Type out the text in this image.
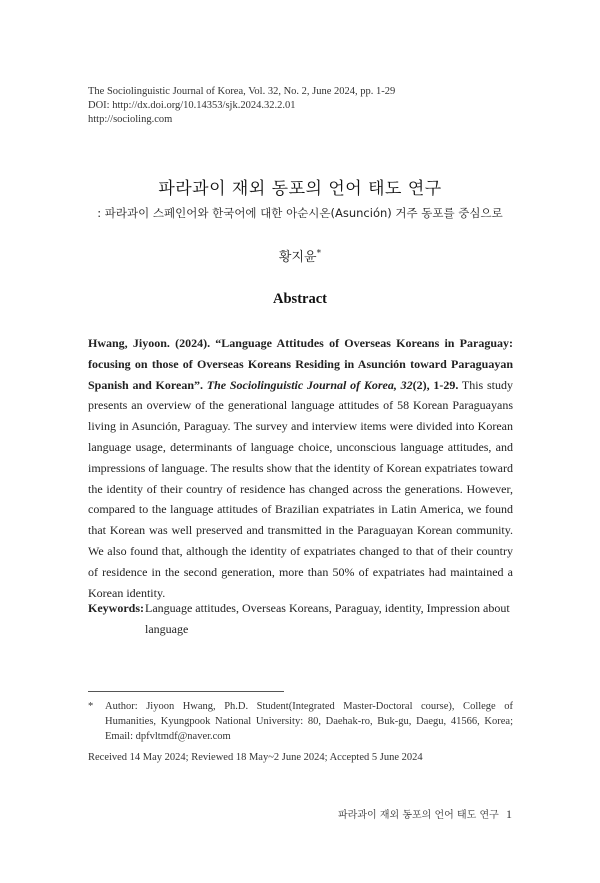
The Sociolinguistic Journal of Korea, Vol. 32, No. 2, June 2024, pp. 1-29
DOI: http://dx.doi.org/10.14353/sjk.2024.32.2.01
http://socioling.com
파라과이 재외 동포의 언어 태도 연구
: 파라과이 스페인어와 한국어에 대한 아순시온(Asunción) 거주 동포를 중심으로
황지윤*
Abstract
Hwang, Jiyoon. (2024). “Language Attitudes of Overseas Koreans in Paraguay: focusing on those of Overseas Koreans Residing in Asunción toward Paraguayan Spanish and Korean”. The Sociolinguistic Journal of Korea, 32(2), 1-29. This study presents an overview of the generational language attitudes of 58 Korean Paraguayans living in Asunción, Paraguay. The survey and interview items were divided into Korean language usage, determinants of language choice, unconscious language attitudes, and impressions of language. The results show that the identity of Korean expatriates toward the identity of their country of residence has changed across the generations. However, compared to the language attitudes of Brazilian expatriates in Latin America, we found that Korean was well preserved and transmitted in the Paraguayan Korean community. We also found that, although the identity of expatriates changed to that of their country of residence in the second generation, more than 50% of expatriates had maintained a Korean identity.
Keywords: Language attitudes, Overseas Koreans, Paraguay, identity, Impression about language
* Author: Jiyoon Hwang, Ph.D. Student(Integrated Master-Doctoral course), College of Humanities, Kyungpook National University: 80, Daehak-ro, Buk-gu, Daegu, 41566, Korea; Email: dpfvltmdf@naver.com
Received 14 May 2024; Reviewed 18 May~2 June 2024; Accepted 5 June 2024
파라과이 재외 동포의 언어 태도 연구 1
